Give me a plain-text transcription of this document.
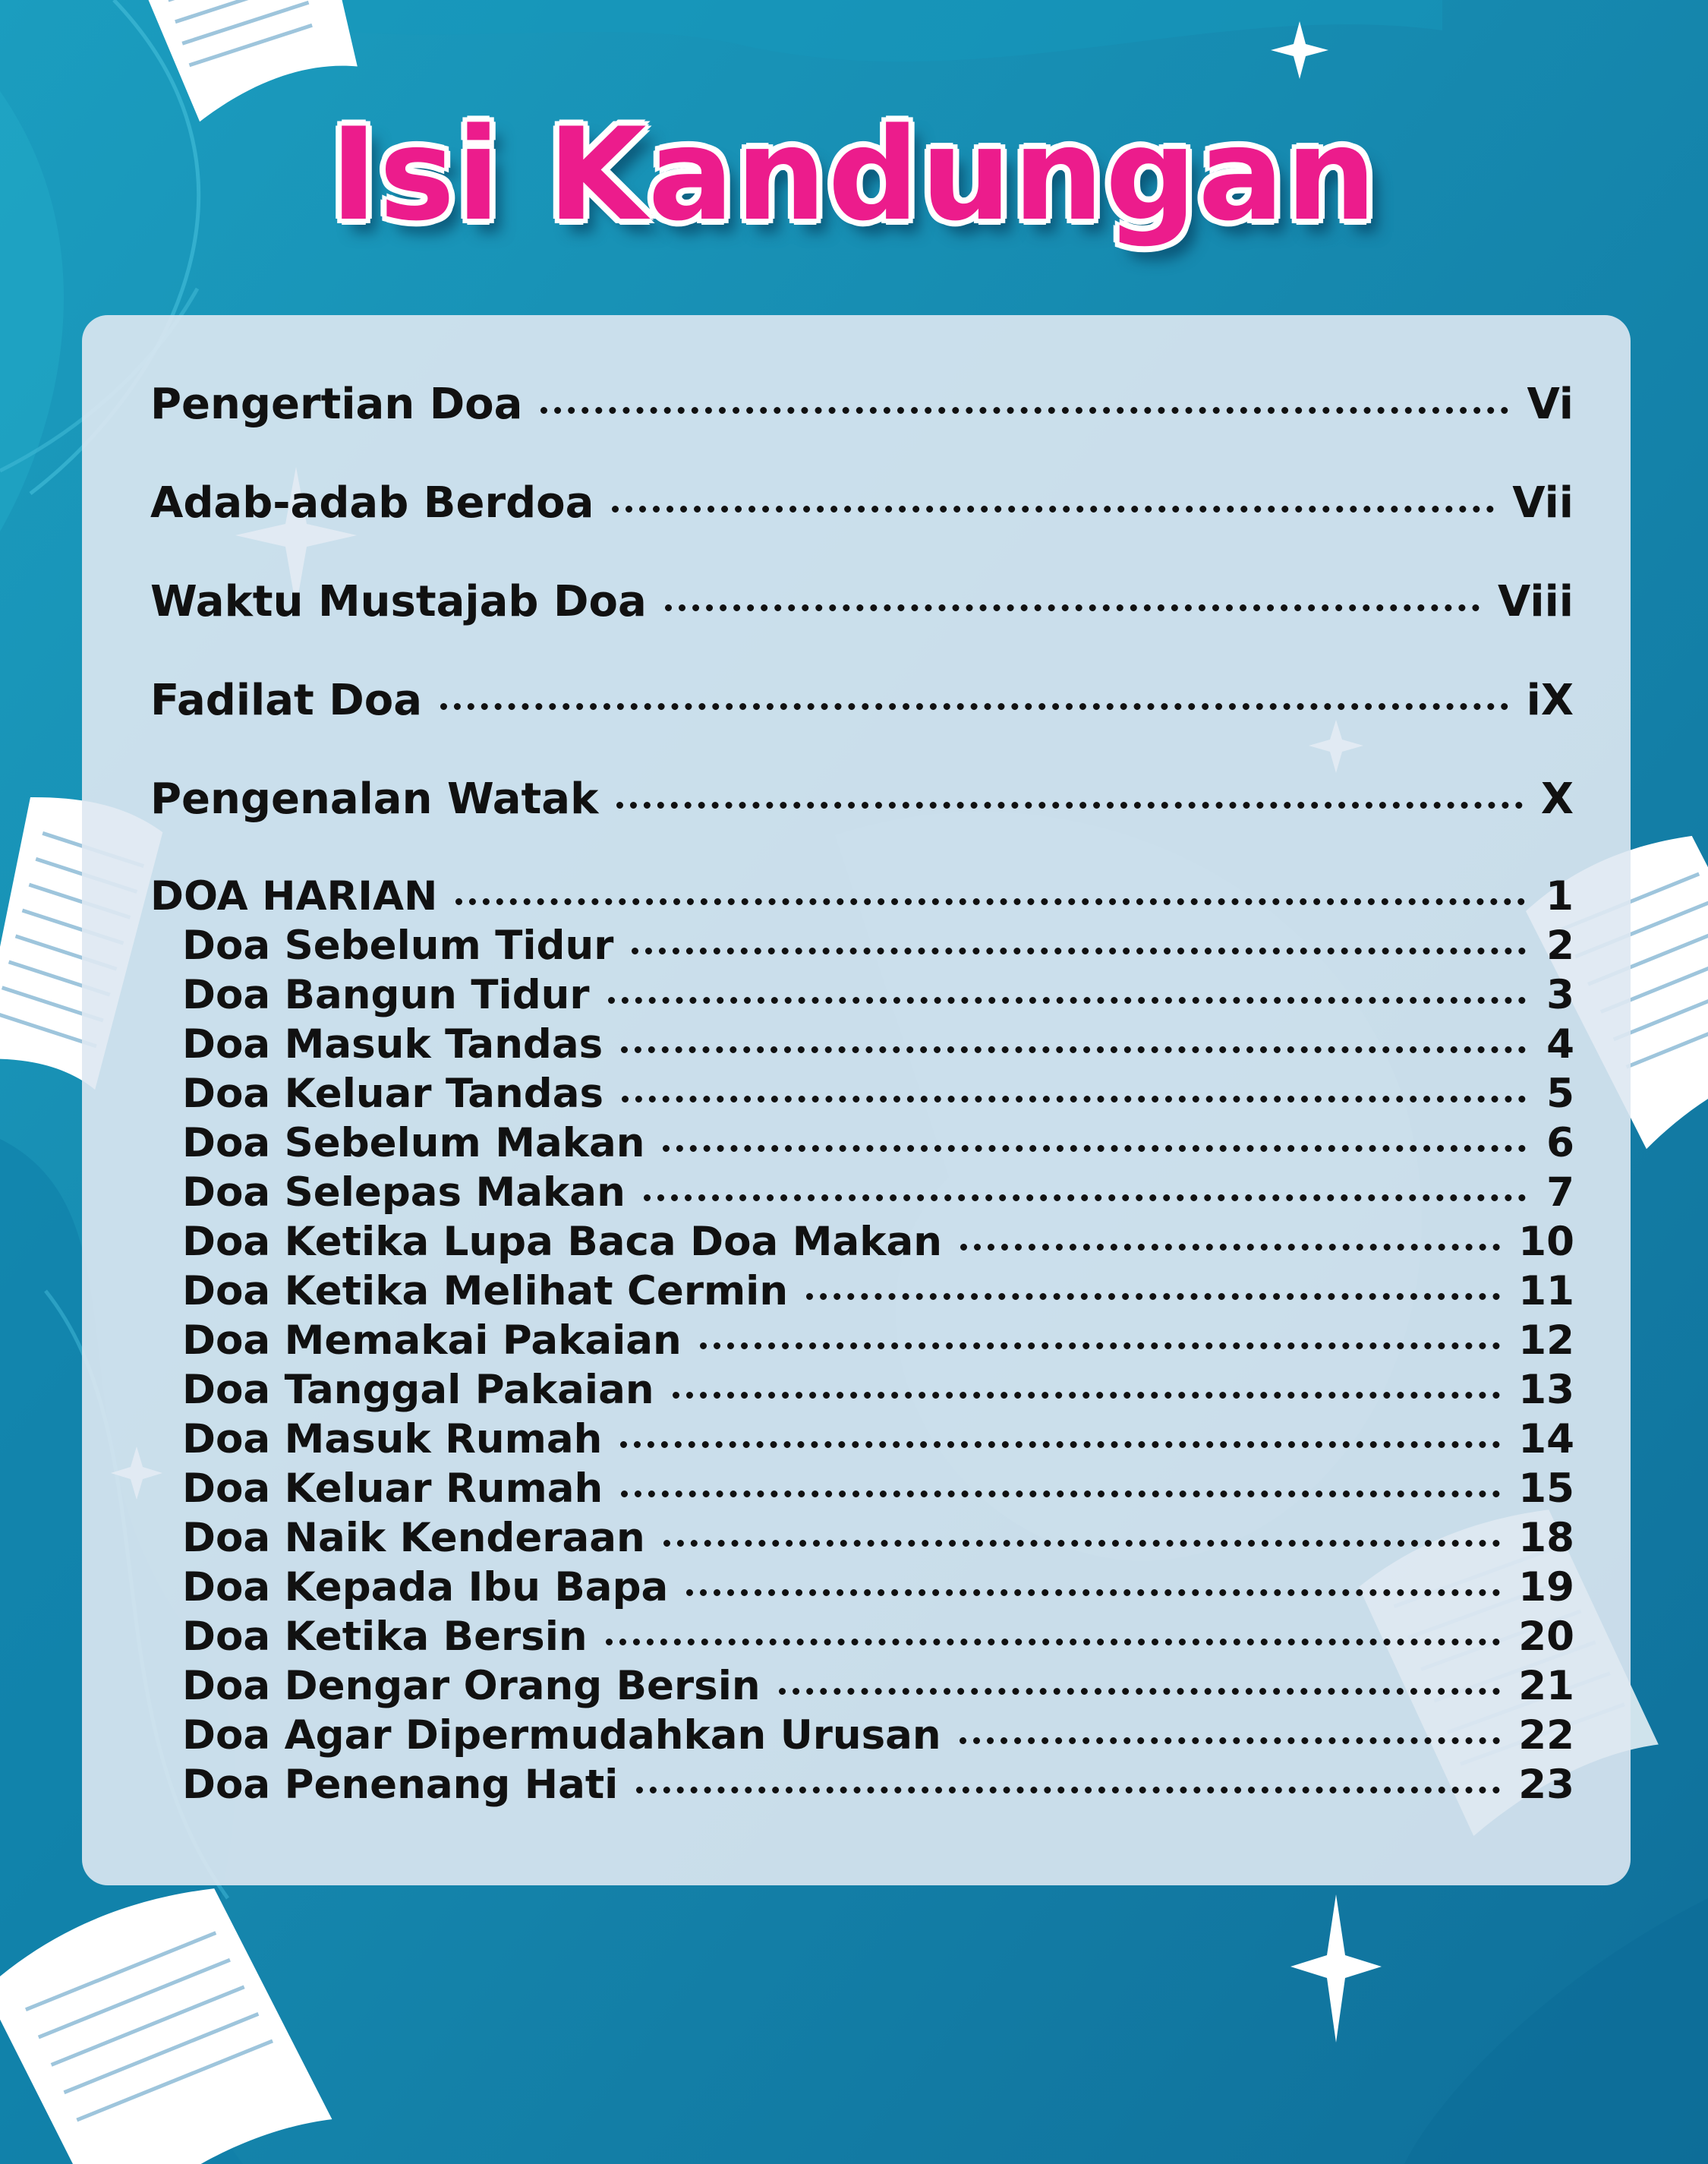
Isi Kandungan
Pengertian Doa	Vi
Adab-adab Berdoa	Vii
Waktu Mustajab Doa	Viii
Fadilat Doa	iX
Pengenalan Watak	X
DOA HARIAN	1
Doa Sebelum Tidur	2
Doa Bangun Tidur	3
Doa Masuk Tandas	4
Doa Keluar Tandas	5
Doa Sebelum Makan	6
Doa Selepas Makan	7
Doa Ketika Lupa Baca Doa Makan	10
Doa Ketika Melihat Cermin	11
Doa Memakai Pakaian	12
Doa Tanggal Pakaian	13
Doa Masuk Rumah	14
Doa Keluar Rumah	15
Doa Naik Kenderaan	18
Doa Kepada Ibu Bapa	19
Doa Ketika Bersin	20
Doa Dengar Orang Bersin	21
Doa Agar Dipermudahkan Urusan	22
Doa Penenang Hati	23
